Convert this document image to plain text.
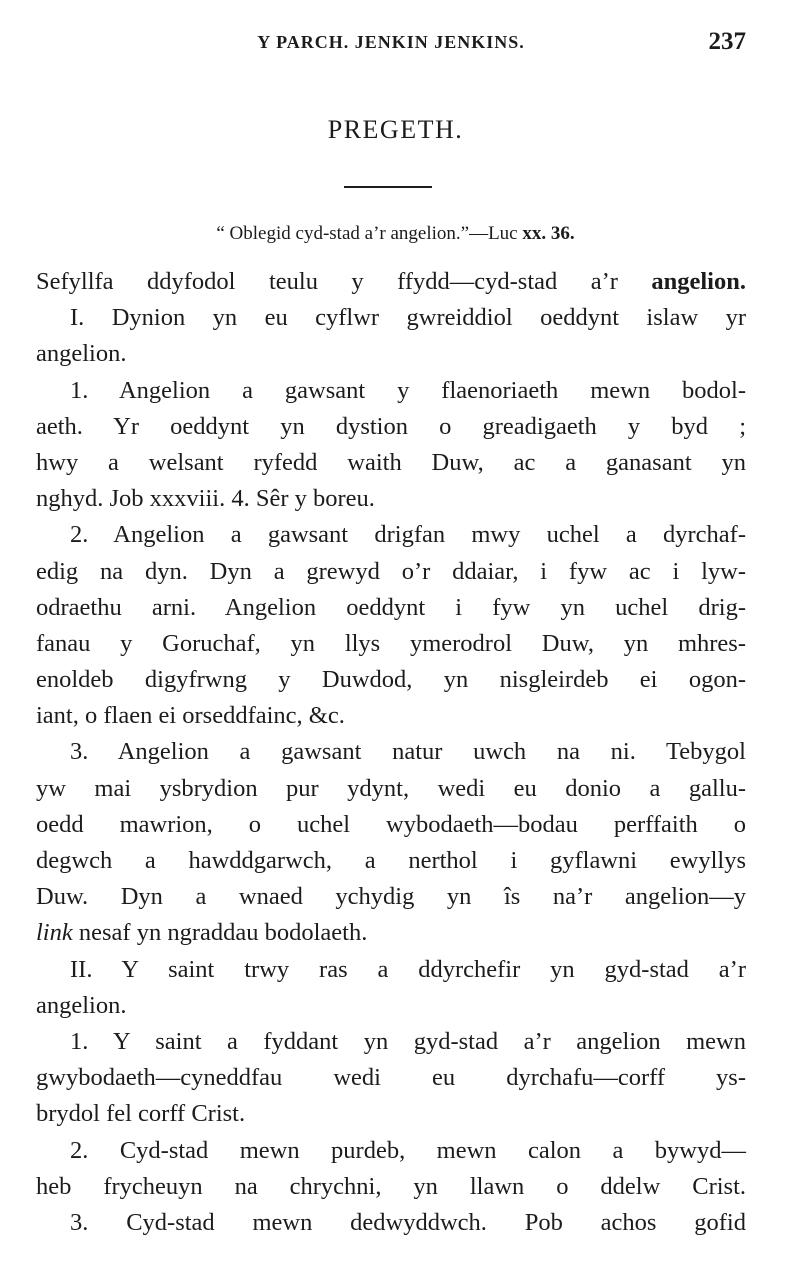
Y PARCH. JENKIN JENKINS.	237
PREGETH.
“ Oblegid cyd-stad a’r angelion.”—Luc xx. 36.
Sefyllfa ddyfodol teulu y ffydd—cyd-stad a’r angelion.
I. Dynion yn eu cyflwr gwreiddiol oeddynt islaw yr
angelion.
1. Angelion a gawsant y flaenoriaeth mewn bodol-
aeth. Yr oeddynt yn dystion o greadigaeth y byd ;
hwy a welsant ryfedd waith Duw, ac a ganasant yn
nghyd. Job xxxviii. 4. Sêr y boreu.
2. Angelion a gawsant drigfan mwy uchel a dyrchaf-
edig na dyn. Dyn a grewyd o’r ddaiar, i fyw ac i lyw-
odraethu arni. Angelion oeddynt i fyw yn uchel drig-
fanau y Goruchaf, yn llys ymerodrol Duw, yn mhres-
enoldeb digyfrwng y Duwdod, yn nisgleirdeb ei ogon-
iant, o flaen ei orseddfainc, &c.
3. Angelion a gawsant natur uwch na ni. Tebygol
yw mai ysbrydion pur ydynt, wedi eu donio a gallu-
oedd mawrion, o uchel wybodaeth—bodau perffaith o
degwch a hawddgarwch, a nerthol i gyflawni ewyllys
Duw. Dyn a wnaed ychydig yn îs na’r angelion—y
link nesaf yn ngraddau bodolaeth.
II. Y saint trwy ras a ddyrchefir yn gyd-stad a’r
angelion.
1. Y saint a fyddant yn gyd-stad a’r angelion mewn
gwybodaeth—cyneddfau wedi eu dyrchafu—corff ys-
brydol fel corff Crist.
2. Cyd-stad mewn purdeb, mewn calon a bywyd—
heb frycheuyn na chrychni, yn llawn o ddelw Crist.
3. Cyd-stad mewn dedwyddwch. Pob achos gofid
